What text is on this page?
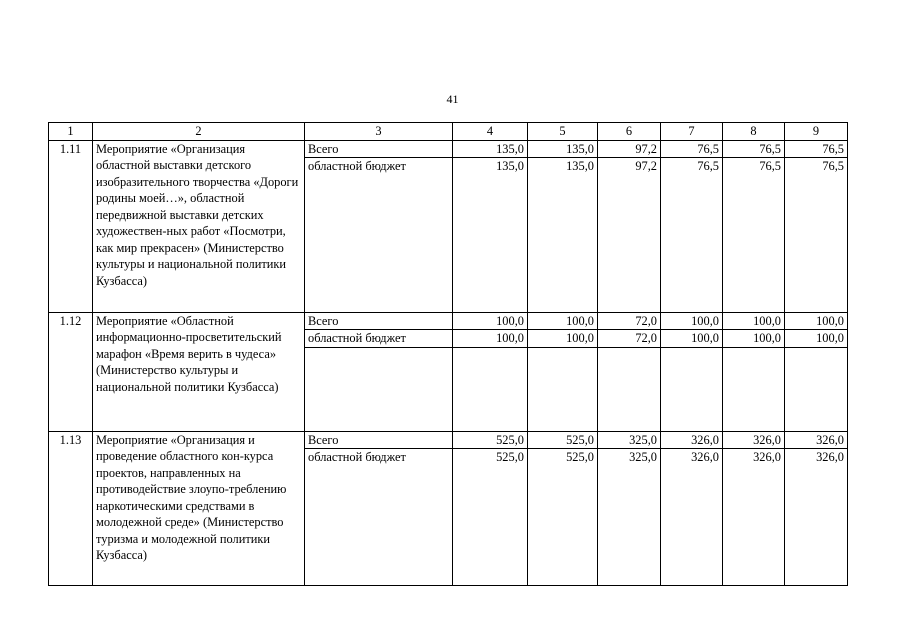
41
1	2	3	4	5	6	7	8	9
1.11	Мероприятие «Организация областной выставки детского изобразительного творчества «Дороги родины моей…», областной передвижной выставки детских художествен-ных работ «Посмотри, как мир прекрасен» (Министерство культуры и национальной политики Кузбасса)	Всего	135,0	135,0	97,2	76,5	76,5	76,5
		областной бюджет	135,0	135,0	97,2	76,5	76,5	76,5
1.12	Мероприятие «Областной информационно-просветительский марафон «Время верить в чудеса» (Министерство культуры и национальной политики Кузбасса)	Всего	100,0	100,0	72,0	100,0	100,0	100,0
		областной бюджет	100,0	100,0	72,0	100,0	100,0	100,0

1.13	Мероприятие «Организация и проведение областного кон-курса проектов, направленных на противодействие злоупо-треблению наркотическими средствами в молодежной среде» (Министерство туризма и молодежной политики Кузбасса)	Всего	525,0	525,0	325,0	326,0	326,0	326,0
		областной бюджет	525,0	525,0	325,0	326,0	326,0	326,0
